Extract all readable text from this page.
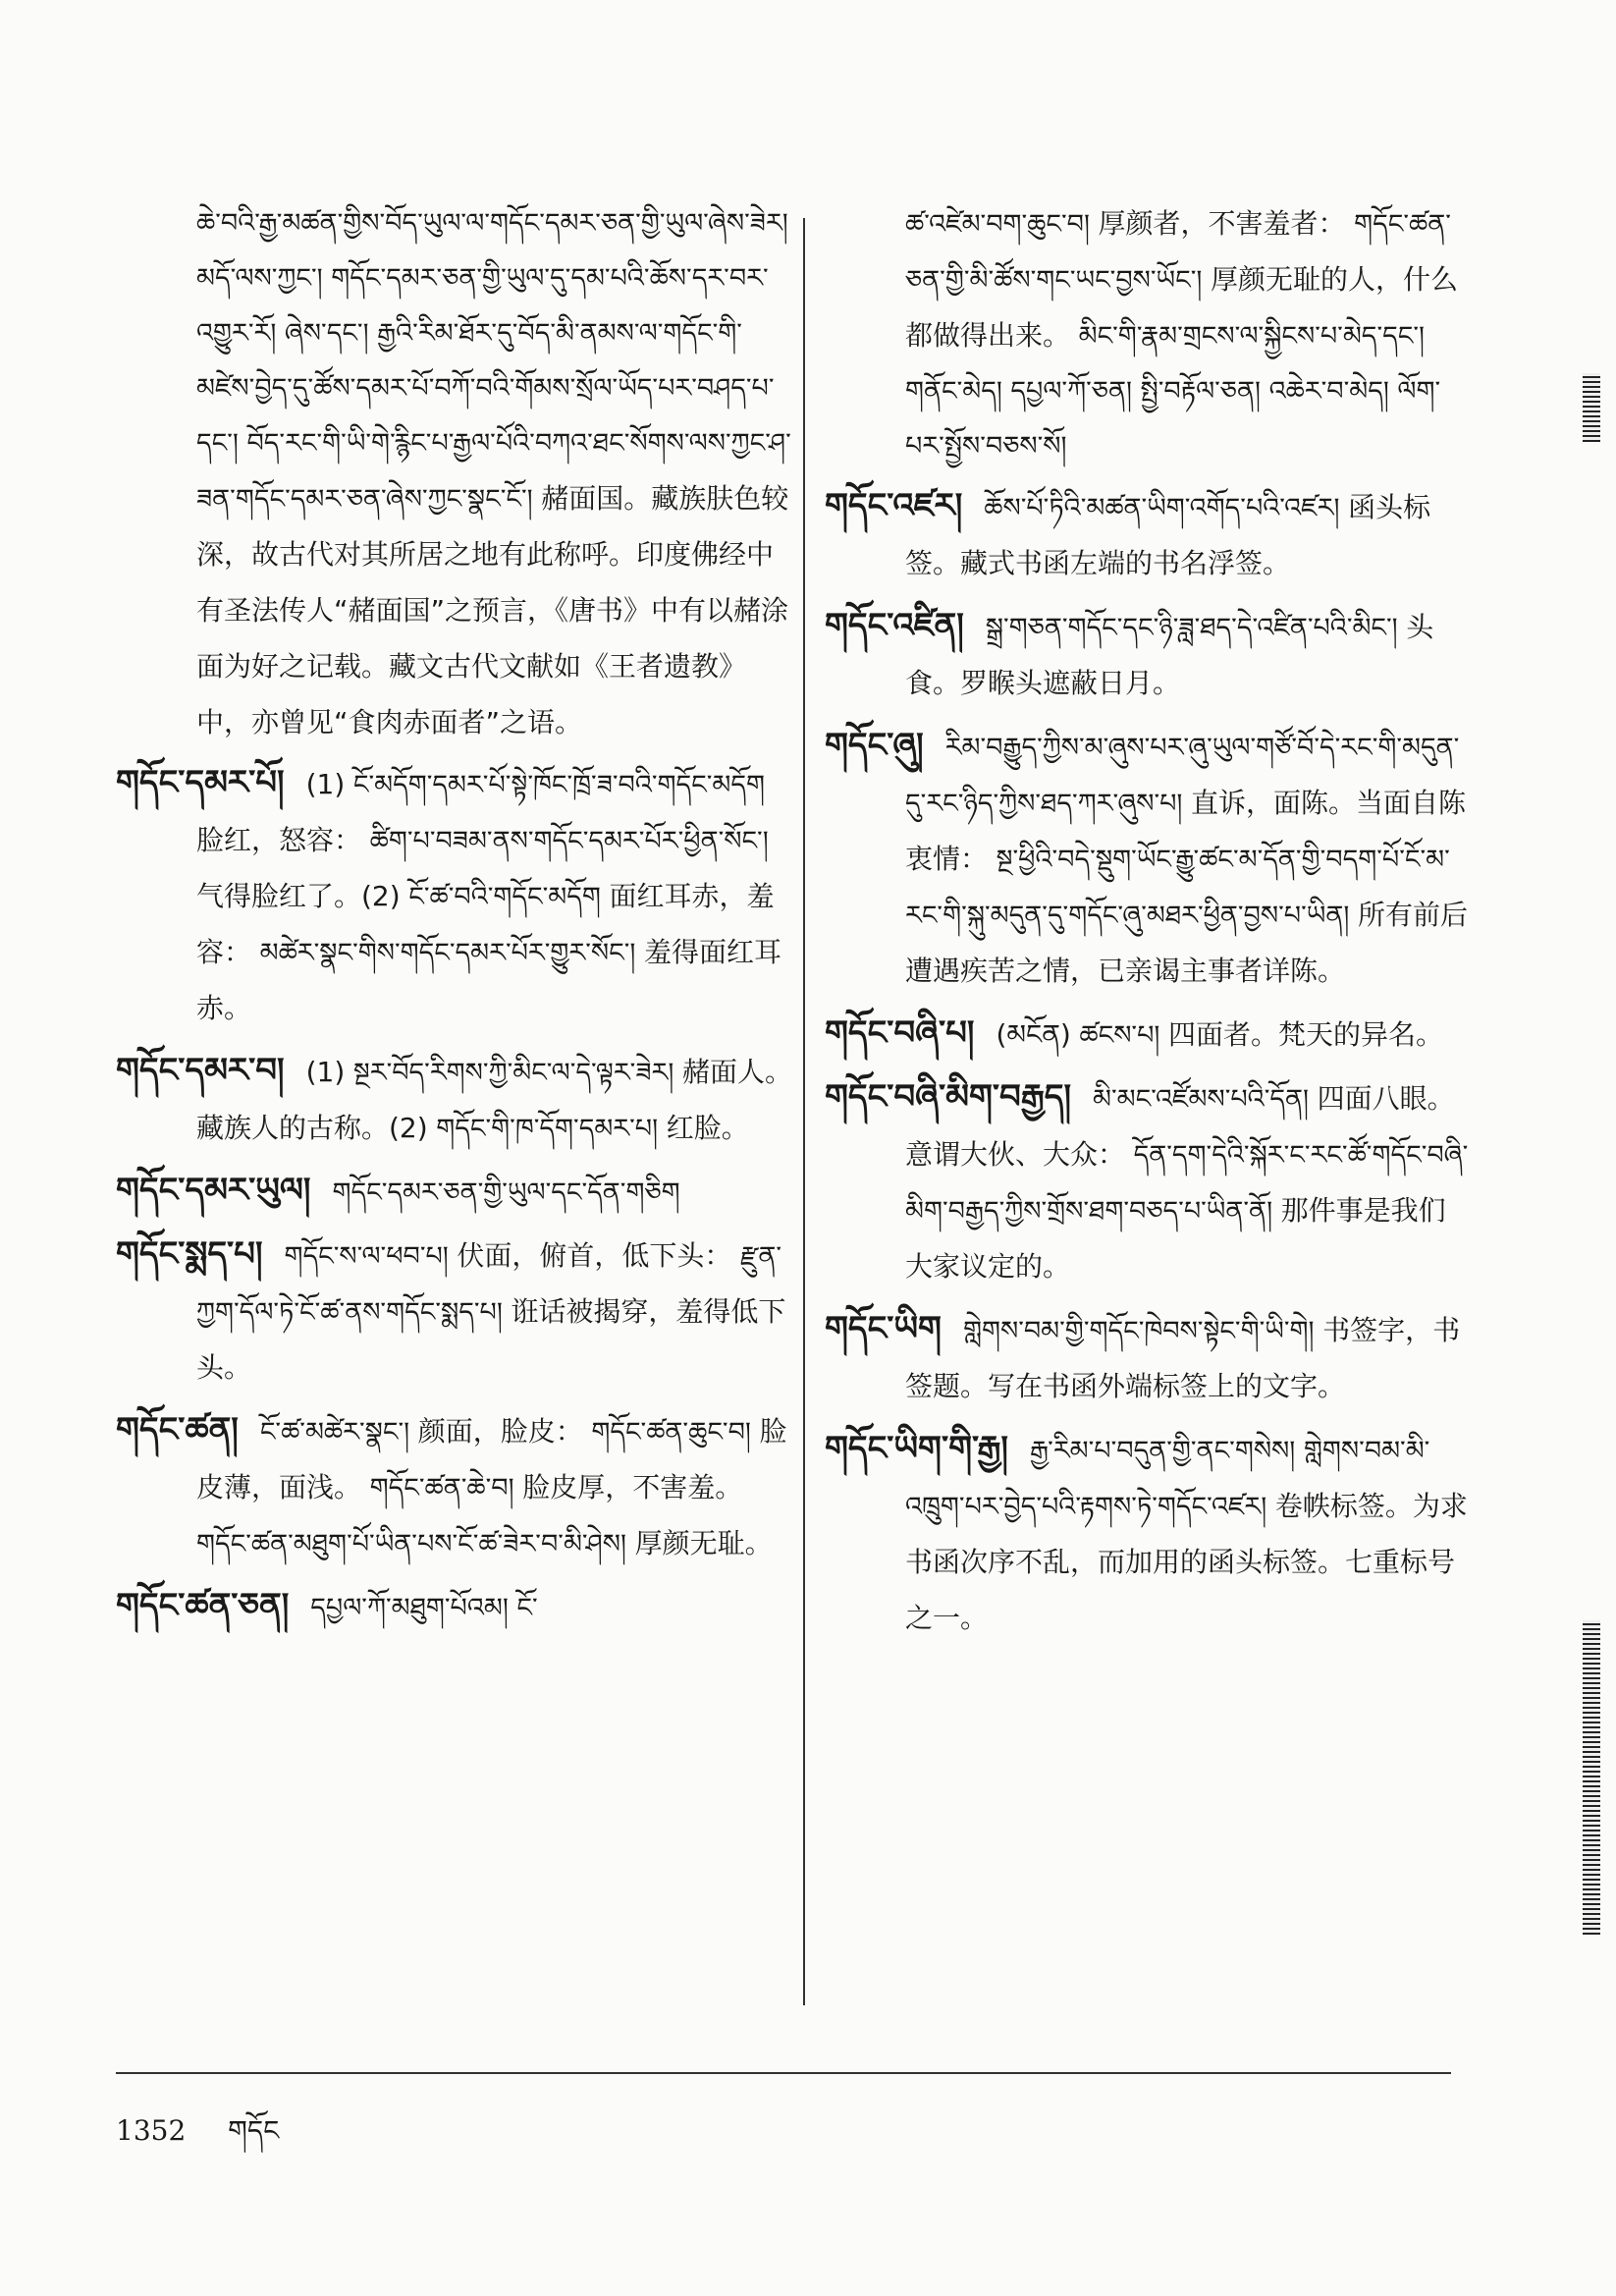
ཆེ་བའི་རྒྱ་མཚན་གྱིས་བོད་ཡུལ་ལ་གདོང་དམར་ཅན་གྱི་ཡུལ་ཞེས་ཟེར། མདོ་ལས་ཀྱང་། གདོང་དམར་ཅན་གྱི་ཡུལ་དུ་དམ་པའི་ཆོས་དར་བར་འགྱུར་རོ། ཞེས་དང་། རྒྱའི་རིམ་ཐོར་དུ་བོད་མི་ནམས་ལ་གདོང་གི་མཛེས་བྱེད་དུ་ཚོས་དམར་པོ་བཀོ་བའི་གོམས་སྲོལ་ཡོད་པར་བཤད་པ་དང་། བོད་རང་གི་ཡི་གེ་རྙིང་པ་རྒྱལ་པོའི་བཀའ་ཐང་སོགས་ལས་ཀྱང་ཤ་ཟན་གདོང་དམར་ཅན་ཞེས་ཀྱང་སྣང་ངོ་། 赭面国。藏族肤色较深，故古代对其所居之地有此称呼。印度佛经中有圣法传人“赭面国”之预言，《唐书》中有以赭涂面为好之记载。藏文古代文献如《王者遗教》中，亦曾见“食肉赤面者”之语。
གདོང་དམར་པོ། (1) ངོ་མདོག་དམར་པོ་སྟེ་ཁོང་ཁྲོ་ཟ་བའི་གདོང་མདོག 脸红，怒容： ཚིག་པ་བཟམ་ནས་གདོང་དམར་པོར་ཕྱིན་སོང་། 气得脸红了。(2) ངོ་ཚ་བའི་གདོང་མདོག 面红耳赤，羞容： མཚེར་སྣང་གིས་གདོང་དམར་པོར་གྱུར་སོང་། 羞得面红耳赤。
གདོང་དམར་བ། (1) སྔར་བོད་རིགས་ཀྱི་མིང་ལ་དེ་ལྟར་ཟེར། 赭面人。藏族人的古称。(2) གདོང་གི་ཁ་དོག་དམར་པ། 红脸。
གདོང་དམར་ཡུལ། གདོང་དམར་ཅན་གྱི་ཡུལ་དང་དོན་གཅིག
གདོང་སྨད་པ། གདོང་ས་ལ་ཕབ་པ། 伏面，俯首，低下头： རྫུན་ཀྱག་དོལ་ཏེ་ངོ་ཚ་ནས་གདོང་སྨད་པ། 诳话被揭穿，羞得低下头。
གདོང་ཚན། ངོ་ཚ་མཚེར་སྣང་། 颜面，脸皮： གདོང་ཚན་ཆུང་བ། 脸皮薄，面浅。 གདོང་ཚན་ཆེ་བ། 脸皮厚，不害羞。 གདོང་ཚན་མཐུག་པོ་ཡིན་པས་ངོ་ཚ་ཟེར་བ་མི་ཤེས། 厚颜无耻。
གདོང་ཚན་ཅན། དཔྱལ་ཀོ་མཐུག་པོའམ། ངོ་
ཚ་འཛེམ་བག་ཆུང་བ། 厚颜者，不害羞者： གདོང་ཚན་ཅན་གྱི་མི་ཚོས་གང་ཡང་བྱས་ཡོང་། 厚颜无耻的人，什么都做得出来。 མིང་གི་རྣམ་གྲངས་ལ་སྐྱིངས་པ་མེད་དང་། གནོང་མེད། དཔྱལ་ཀོ་ཅན། སྤྱི་བརྟོལ་ཅན། འཆེར་བ་མེད། ལོག་པར་སྤྱོས་བཅས་སོ།
གདོང་འཛར། ཆོས་པོ་ཏིའི་མཚན་ཡིག་འགོད་པའི་འཛར། 函头标签。藏式书函左端的书名浮签。
གདོང་འཛིན། སྒྲ་གཅན་གདོང་དང་ཉི་ཟླ་ཐད་དེ་འཛིན་པའི་མིང་། 头食。罗睺头遮蔽日月。
གདོང་ཞུ། རིམ་བརྒྱུད་ཀྱིས་མ་ཞུས་པར་ཞུ་ཡུལ་གཙོ་བོ་དེ་རང་གི་མདུན་དུ་རང་ཉིད་ཀྱིས་ཐད་ཀར་ཞུས་པ། 直诉，面陈。当面自陈衷情： སྔ་ཕྱིའི་བདེ་སྡུག་ཡོང་རྒྱུ་ཚང་མ་དོན་གྱི་བདག་པོ་ངོ་མ་རང་གི་སྐུ་མདུན་དུ་གདོང་ཞུ་མཐར་ཕྱིན་བྱས་པ་ཡིན། 所有前后遭遇疾苦之情，已亲谒主事者详陈。
གདོང་བཞི་པ། (མངོན) ཚངས་པ། 四面者。梵天的异名。
གདོང་བཞི་མིག་བརྒྱད། མི་མང་འཛོམས་པའི་དོན། 四面八眼。意谓大伙、大众： དོན་དག་དེའི་སྐོར་ང་རང་ཚོ་གདོང་བཞི་མིག་བརྒྱད་ཀྱིས་གྲོས་ཐག་བཅད་པ་ཡིན་ནོ། 那件事是我们大家议定的。
གདོང་ཡིག གླེགས་བམ་གྱི་གདོང་ཁེབས་སྟེང་གི་ཡི་གེ། 书签字，书签题。写在书函外端标签上的文字。
གདོང་ཡིག་གི་རྒྱ། རྒྱ་རིམ་པ་བདུན་གྱི་ནང་གསེས། གླེགས་བམ་མི་འཁྲུག་པར་བྱེད་པའི་རྟགས་ཏེ་གདོང་འཛར། 卷帙标签。为求书函次序不乱，而加用的函头标签。七重标号之一。
1352 གདོང
